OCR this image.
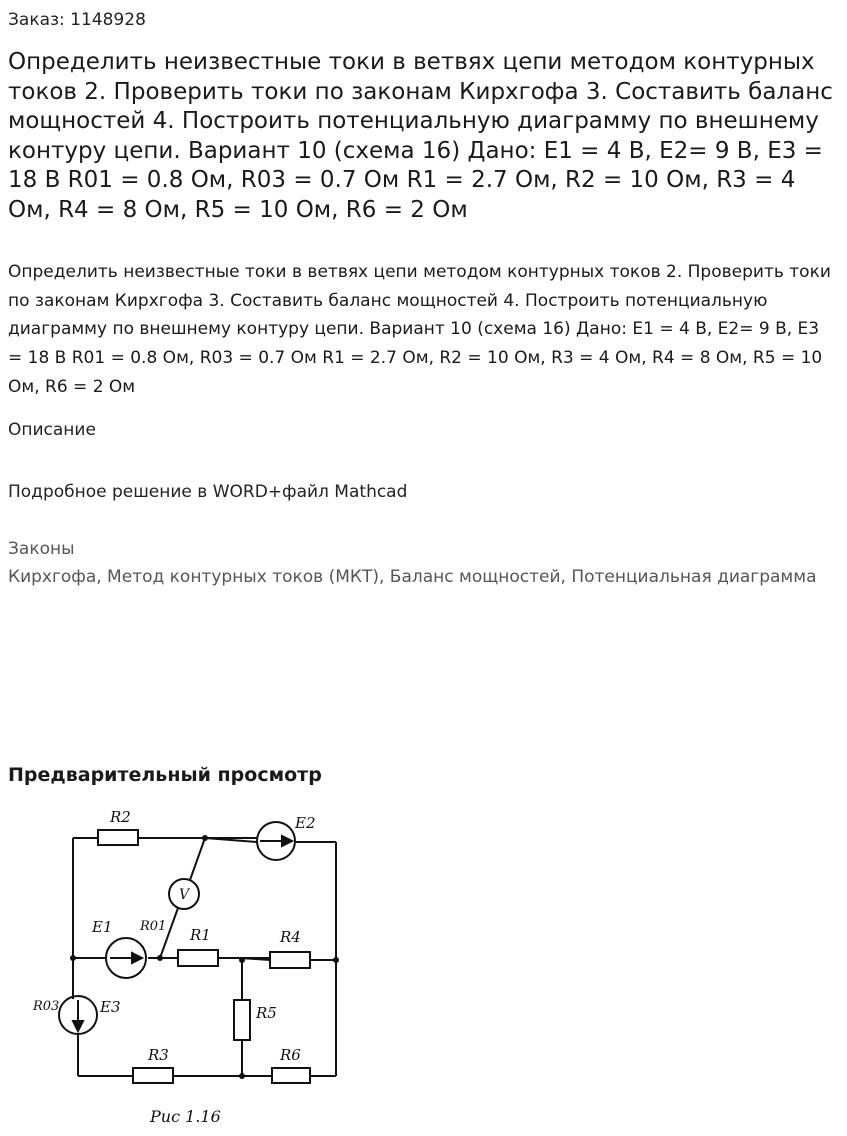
Заказ: 1148928
Определить неизвестные токи в ветвях цепи методом контурных токов 2. Проверить токи по законам Кирхгофа 3. Составить баланс мощностей 4. Построить потенциальную диаграмму по внешнему контуру цепи. Вариант 10 (схема 16) Дано: E1 = 4 В, E2= 9 В, E3 = 18 В R01 = 0.8 Ом, R03 = 0.7 Ом R1 = 2.7 Ом, R2 = 10 Ом, R3 = 4 Ом, R4 = 8 Ом, R5 = 10 Ом, R6 = 2 Ом

Определить неизвестные токи в ветвях цепи методом контурных токов 2. Проверить токи по законам Кирхгофа 3. Составить баланс мощностей 4. Построить потенциальную диаграмму по внешнему контуру цепи. Вариант 10 (схема 16) Дано: E1 = 4 В, E2= 9 В, E3 = 18 В R01 = 0.8 Ом, R03 = 0.7 Ом R1 = 2.7 Ом, R2 = 10 Ом, R3 = 4 Ом, R4 = 8 Ом, R5 = 10 Ом, R6 = 2 Ом

Описание
Подробное решение в WORD+файл Mathcad
Законы
Кирхгофа, Метод контурных токов (МКТ), Баланс мощностей, Потенциальная диаграмма
Предварительный просмотр
R2	E2
V
E1 R01 R1	R4
R03	E3	R5
R3	R6
Рис 1.16
